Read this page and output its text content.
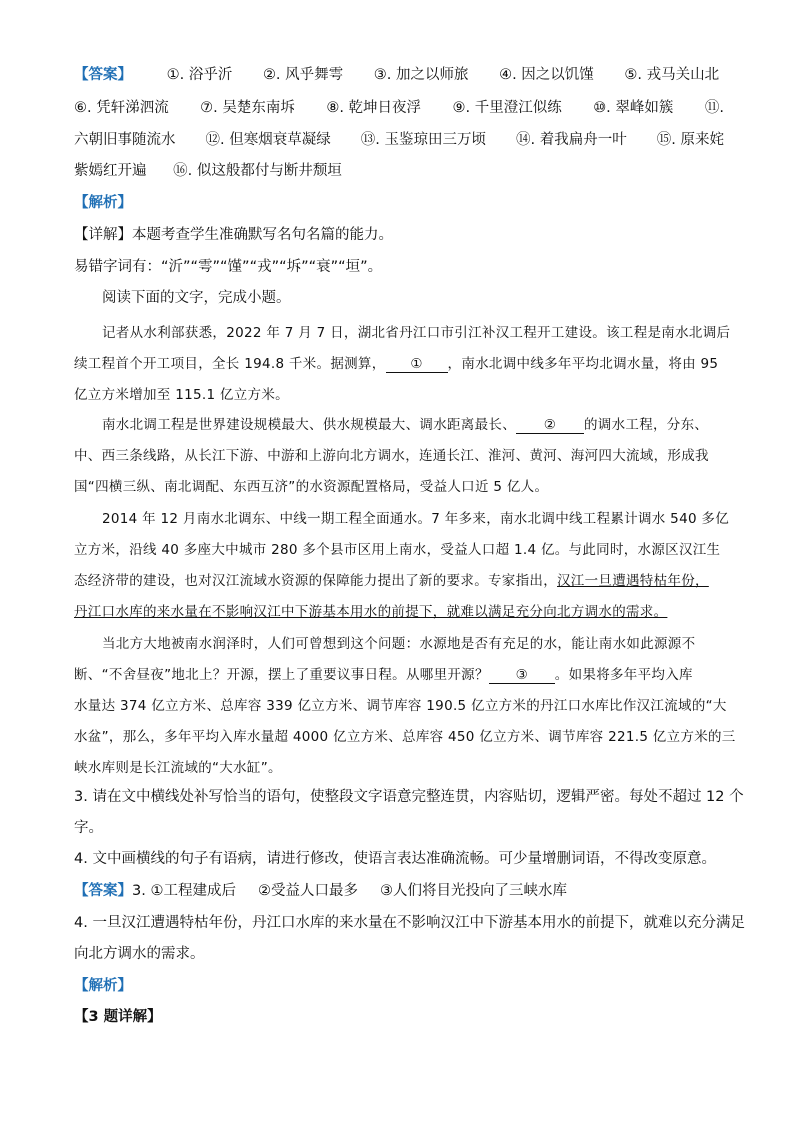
【答案】 ①. 浴乎沂 ②. 风乎舞雩 ③. 加之以师旅 ④. 因之以饥馑 ⑤. 戎马关山北
⑥. 凭轩涕泗流 ⑦. 吴楚东南坼 ⑧. 乾坤日夜浮 ⑨. 千里澄江似练 ⑩. 翠峰如簇 ⑪.
六朝旧事随流水 ⑫. 但寒烟衰草凝绿 ⑬. 玉鉴琼田三万顷 ⑭. 着我扁舟一叶 ⑮. 原来姹
紫嫣红开遍 ⑯. 似这般都付与断井颓垣
【解析】
【详解】本题考查学生准确默写名句名篇的能力。
易错字词有：“沂”“雩”“馑”“戎”“坼”“衰”“垣”。
阅读下面的文字，完成小题。
记者从水利部获悉，2022 年 7 月 7 日，湖北省丹江口市引江补汉工程开工建设。该工程是南水北调后
续工程首个开工项目，全长 194.8 千米。据测算， ① ，南水北调中线多年平均北调水量，将由 95
亿立方米增加至 115.1 亿立方米。
南水北调工程是世界建设规模最大、供水规模最大、调水距离最长、 ② 的调水工程，分东、
中、西三条线路，从长江下游、中游和上游向北方调水，连通长江、淮河、黄河、海河四大流域，形成我
国“四横三纵、南北调配、东西互济”的水资源配置格局，受益人口近 5 亿人。
2014 年 12 月南水北调东、中线一期工程全面通水。7 年多来，南水北调中线工程累计调水 540 多亿
立方米，沿线 40 多座大中城市 280 多个县市区用上南水，受益人口超 1.4 亿。与此同时，水源区汉江生
态经济带的建设，也对汉江流域水资源的保障能力提出了新的要求。专家指出，汉江一旦遭遇特枯年份，
丹江口水库的来水量在不影响汉江中下游基本用水的前提下，就难以满足充分向北方调水的需求。
当北方大地被南水润泽时，人们可曾想到这个问题：水源地是否有充足的水，能让南水如此源源不
断、“不舍昼夜”地北上？开源，摆上了重要议事日程。从哪里开源？ ③ 。如果将多年平均入库
水量达 374 亿立方米、总库容 339 亿立方米、调节库容 190.5 亿立方米的丹江口水库比作汉江流域的“大
水盆”，那么，多年平均入库水量超 4000 亿立方米、总库容 450 亿立方米、调节库容 221.5 亿立方米的三
峡水库则是长江流域的“大水缸”。
3. 请在文中横线处补写恰当的语句，使整段文字语意完整连贯，内容贴切，逻辑严密。每处不超过 12 个
字。
4. 文中画横线的句子有语病，请进行修改，使语言表达准确流畅。可少量增删词语，不得改变原意。
【答案】3. ①工程建成后 ②受益人口最多 ③人们将目光投向了三峡水库
4. 一旦汉江遭遇特枯年份，丹江口水库的来水量在不影响汉江中下游基本用水的前提下，就难以充分满足
向北方调水的需求。
【解析】
【3 题详解】
